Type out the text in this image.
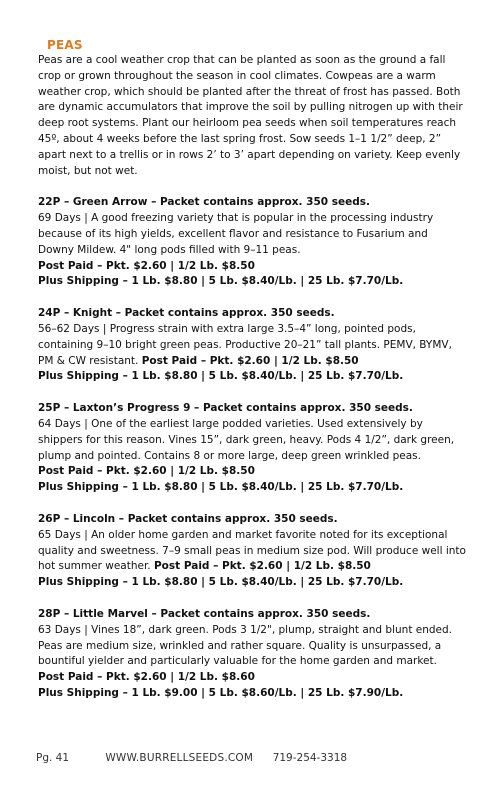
PEAS

Peas are a cool weather crop that can be planted as soon as the ground a fall crop or grown throughout the season in cool climates. Cowpeas are a warm weather crop, which should be planted after the threat of frost has passed. Both are dynamic accumulators that improve the soil by pulling nitrogen up with their deep root systems. Plant our heirloom pea seeds when soil temperatures reach 45º, about 4 weeks before the last spring frost. Sow seeds 1–1 1/2” deep, 2” apart next to a trellis or in rows 2’ to 3’ apart depending on variety. Keep evenly moist, but not wet.

22P – Green Arrow – Packet contains approx. 350 seeds.
69 Days | A good freezing variety that is popular in the processing industry because of its high yields, excellent flavor and resistance to Fusarium and Downy Mildew. 4" long pods filled with 9–11 peas.
Post Paid – Pkt. $2.60 | 1/2 Lb. $8.50
Plus Shipping – 1 Lb. $8.80 | 5 Lb. $8.40/Lb. | 25 Lb. $7.70/Lb.
24P – Knight – Packet contains approx. 350 seeds.
56–62 Days | Progress strain with extra large 3.5–4” long, pointed pods, containing 9–10 bright green peas. Productive 20–21” tall plants. PEMV, BYMV, PM & CW resistant. Post Paid – Pkt. $2.60 | 1/2 Lb. $8.50
Plus Shipping – 1 Lb. $8.80 | 5 Lb. $8.40/Lb. | 25 Lb. $7.70/Lb.
25P – Laxton’s Progress 9 – Packet contains approx. 350 seeds.
64 Days | One of the earliest large podded varieties. Used extensively by shippers for this reason. Vines 15”, dark green, heavy. Pods 4 1/2”, dark green, plump and pointed. Contains 8 or more large, deep green wrinkled peas.
Post Paid – Pkt. $2.60 | 1/2 Lb. $8.50
Plus Shipping – 1 Lb. $8.80 | 5 Lb. $8.40/Lb. | 25 Lb. $7.70/Lb.
26P – Lincoln – Packet contains approx. 350 seeds.
65 Days | An older home garden and market favorite noted for its exceptional quality and sweetness. 7–9 small peas in medium size pod. Will produce well into hot summer weather. Post Paid – Pkt. $2.60 | 1/2 Lb. $8.50
Plus Shipping – 1 Lb. $8.80 | 5 Lb. $8.40/Lb. | 25 Lb. $7.70/Lb.
28P – Little Marvel – Packet contains approx. 350 seeds.
63 Days | Vines 18”, dark green. Pods 3 1/2", plump, straight and blunt ended. Peas are medium size, wrinkled and rather square. Quality is unsurpassed, a bountiful yielder and particularly valuable for the home garden and market.
Post Paid – Pkt. $2.60 | 1/2 Lb. $8.60
Plus Shipping – 1 Lb. $9.00 | 5 Lb. $8.60/Lb. | 25 Lb. $7.90/Lb.
Pg. 41	WWW.BURRELLSEEDS.COM 719-254-3318
